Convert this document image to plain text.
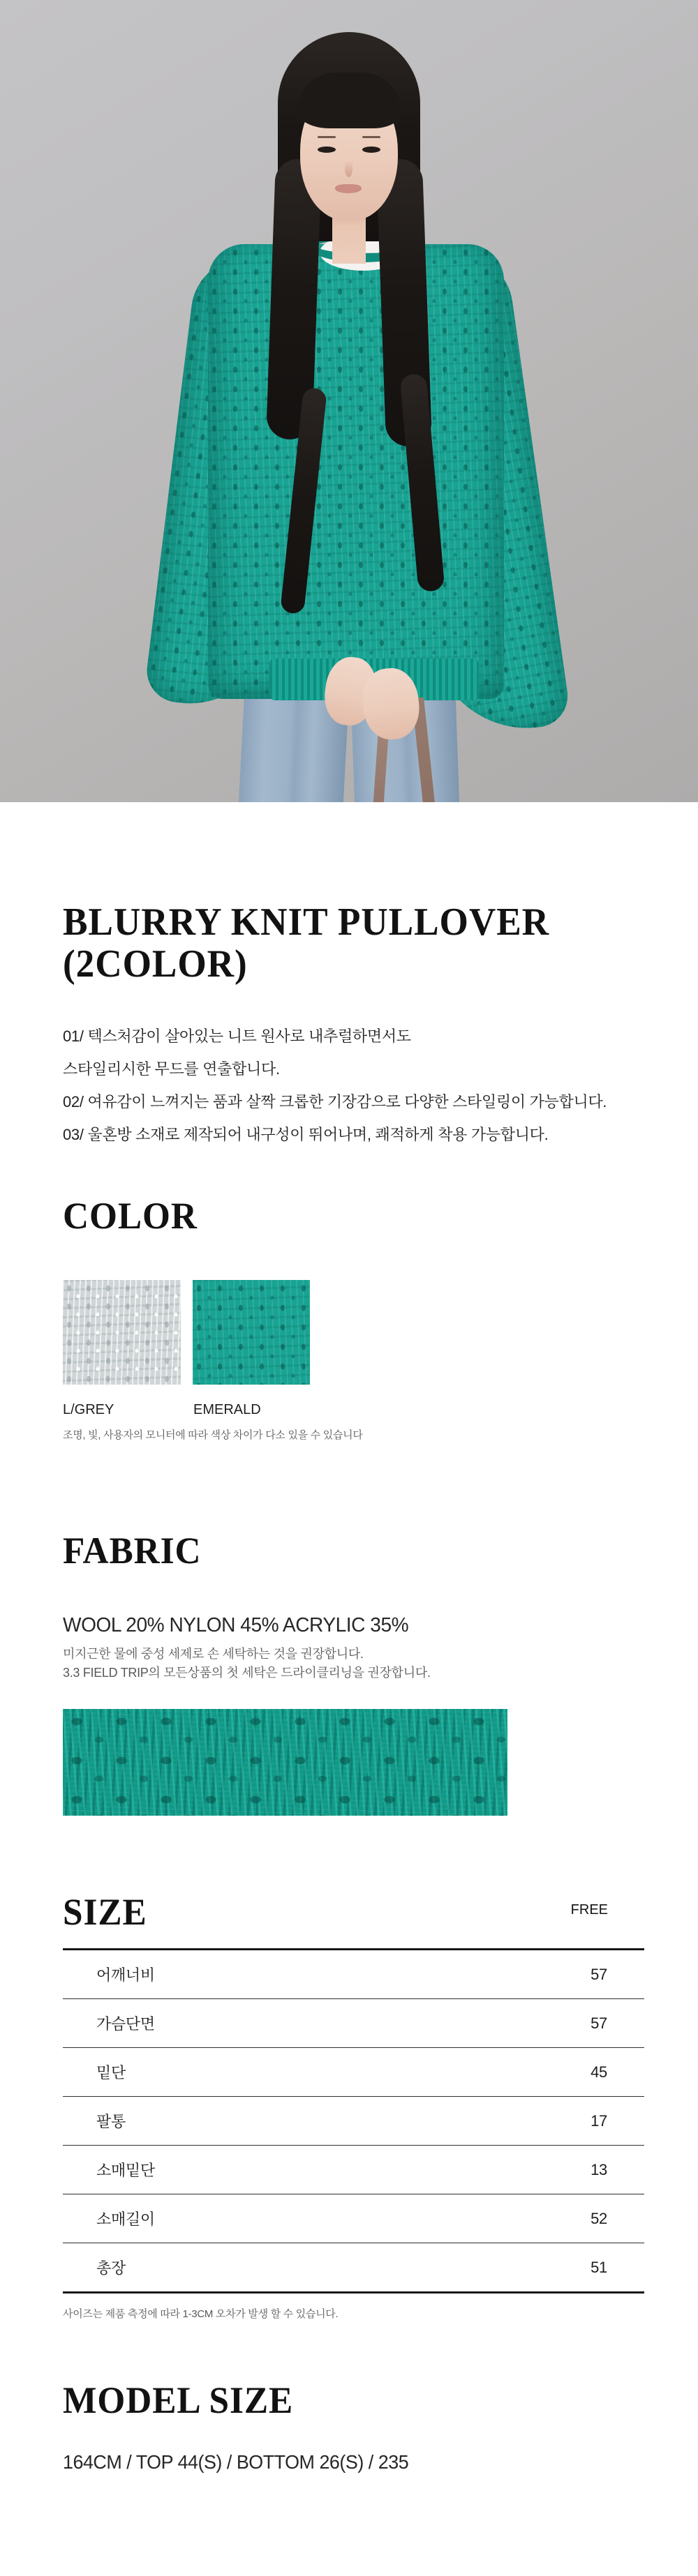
BLURRY KNIT PULLOVER
(2COLOR)
01/ 텍스처감이 살아있는 니트 원사로 내추럴하면서도
스타일리시한 무드를 연출합니다.
02/ 여유감이 느껴지는 품과 살짝 크롭한 기장감으로 다양한 스타일링이 가능합니다.
03/ 울혼방 소재로 제작되어 내구성이 뛰어나며, 쾌적하게 착용 가능합니다.
COLOR
L/GREY	EMERALD
조명, 빛, 사용자의 모니터에 따라 색상 차이가 다소 있을 수 있습니다
FABRIC
WOOL 20% NYLON 45% ACRYLIC 35%
미지근한 물에 중성 세제로 손 세탁하는 것을 권장합니다.
3.3 FIELD TRIP의 모든상품의 첫 세탁은 드라이클리닝을 권장합니다.
SIZE	FREE
어깨너비	57
가슴단면	57
밑단	45
팔통	17
소매밑단	13
소매길이	52
총장	51
사이즈는 제품 측정에 따라 1-3CM 오차가 발생 할 수 있습니다.
MODEL SIZE
164CM / TOP 44(S) / BOTTOM 26(S) / 235
